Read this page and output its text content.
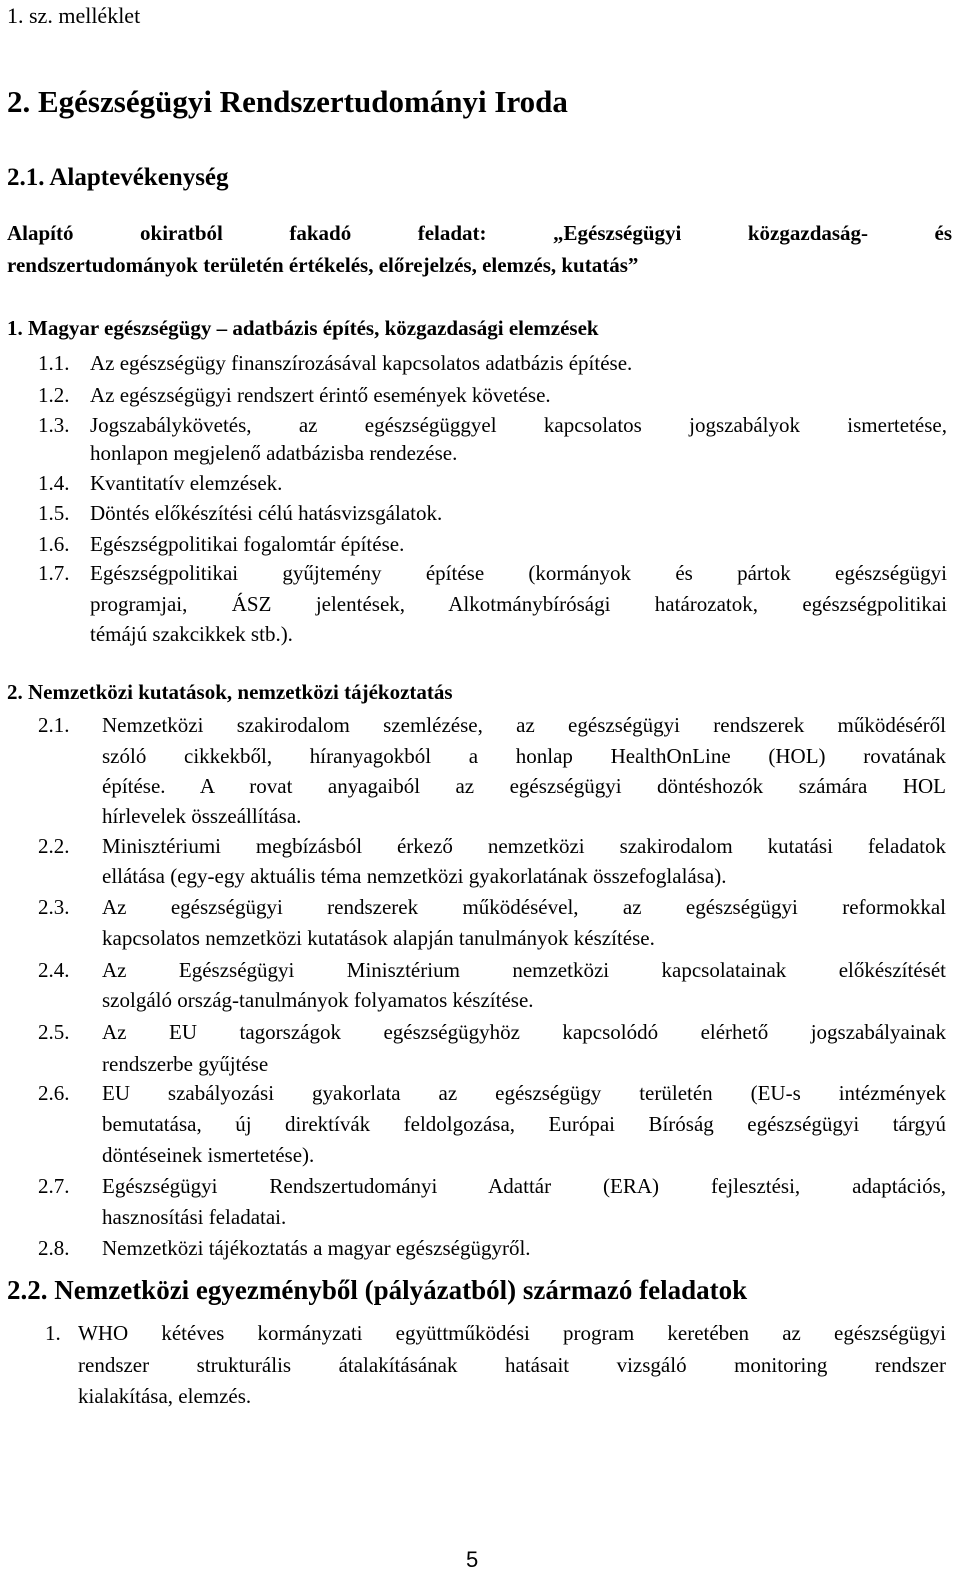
1. sz. melléklet
2. Egészségügyi Rendszertudományi Iroda
2.1. Alaptevékenység
Alapító	okiratból	fakadó	feladat:	„Egészségügyi	közgazdaság-	és
rendszertudományok területén értékelés, előrejelzés, elemzés, kutatás”
1. Magyar egészségügy – adatbázis építés, közgazdasági elemzések
1.1. Az egészségügy finanszírozásával kapcsolatos adatbázis építése.
1.2. Az egészségügyi rendszert érintő események követése.
1.3. Jogszabálykövetés, az egészségüggyel kapcsolatos jogszabályok ismertetése,
honlapon megjelenő adatbázisba rendezése.
1.4. Kvantitatív elemzések.
1.5. Döntés előkészítési célú hatásvizsgálatok.
1.6. Egészségpolitikai fogalomtár építése.
1.7. Egészségpolitikai gyűjtemény építése (kormányok és pártok egészségügyi
programjai, ÁSZ jelentések, Alkotmánybírósági határozatok, egészségpolitikai
témájú szakcikkek stb.).
2. Nemzetközi kutatások, nemzetközi tájékoztatás
2.1. Nemzetközi szakirodalom szemlézése, az egészségügyi rendszerek működéséről
szóló cikkekből, híranyagokból a honlap HealthOnLine (HOL) rovatának
építése. A rovat anyagaiból az egészségügyi döntéshozók számára HOL
hírlevelek összeállítása.
2.2. Minisztériumi megbízásból érkező nemzetközi szakirodalom kutatási feladatok
ellátása (egy-egy aktuális téma nemzetközi gyakorlatának összefoglalása).
2.3. Az egészségügyi rendszerek működésével, az egészségügyi reformokkal
kapcsolatos nemzetközi kutatások alapján tanulmányok készítése.
2.4. Az Egészségügyi Minisztérium nemzetközi kapcsolatainak előkészítését
szolgáló ország-tanulmányok folyamatos készítése.
2.5. Az EU tagországok egészségügyhöz kapcsolódó elérhető jogszabályainak
rendszerbe gyűjtése
2.6. EU szabályozási gyakorlata az egészségügy területén (EU-s intézmények
bemutatása, új direktívák feldolgozása, Európai Bíróság egészségügyi tárgyú
döntéseinek ismertetése).
2.7. Egészségügyi Rendszertudományi Adattár (ERA) fejlesztési, adaptációs,
hasznosítási feladatai.
2.8. Nemzetközi tájékoztatás a magyar egészségügyről.
2.2. Nemzetközi egyezményből (pályázatból) származó feladatok
1. WHO kétéves kormányzati együttműködési program keretében az egészségügyi
rendszer strukturális átalakításának hatásait vizsgáló monitoring rendszer
kialakítása, elemzés.
5
